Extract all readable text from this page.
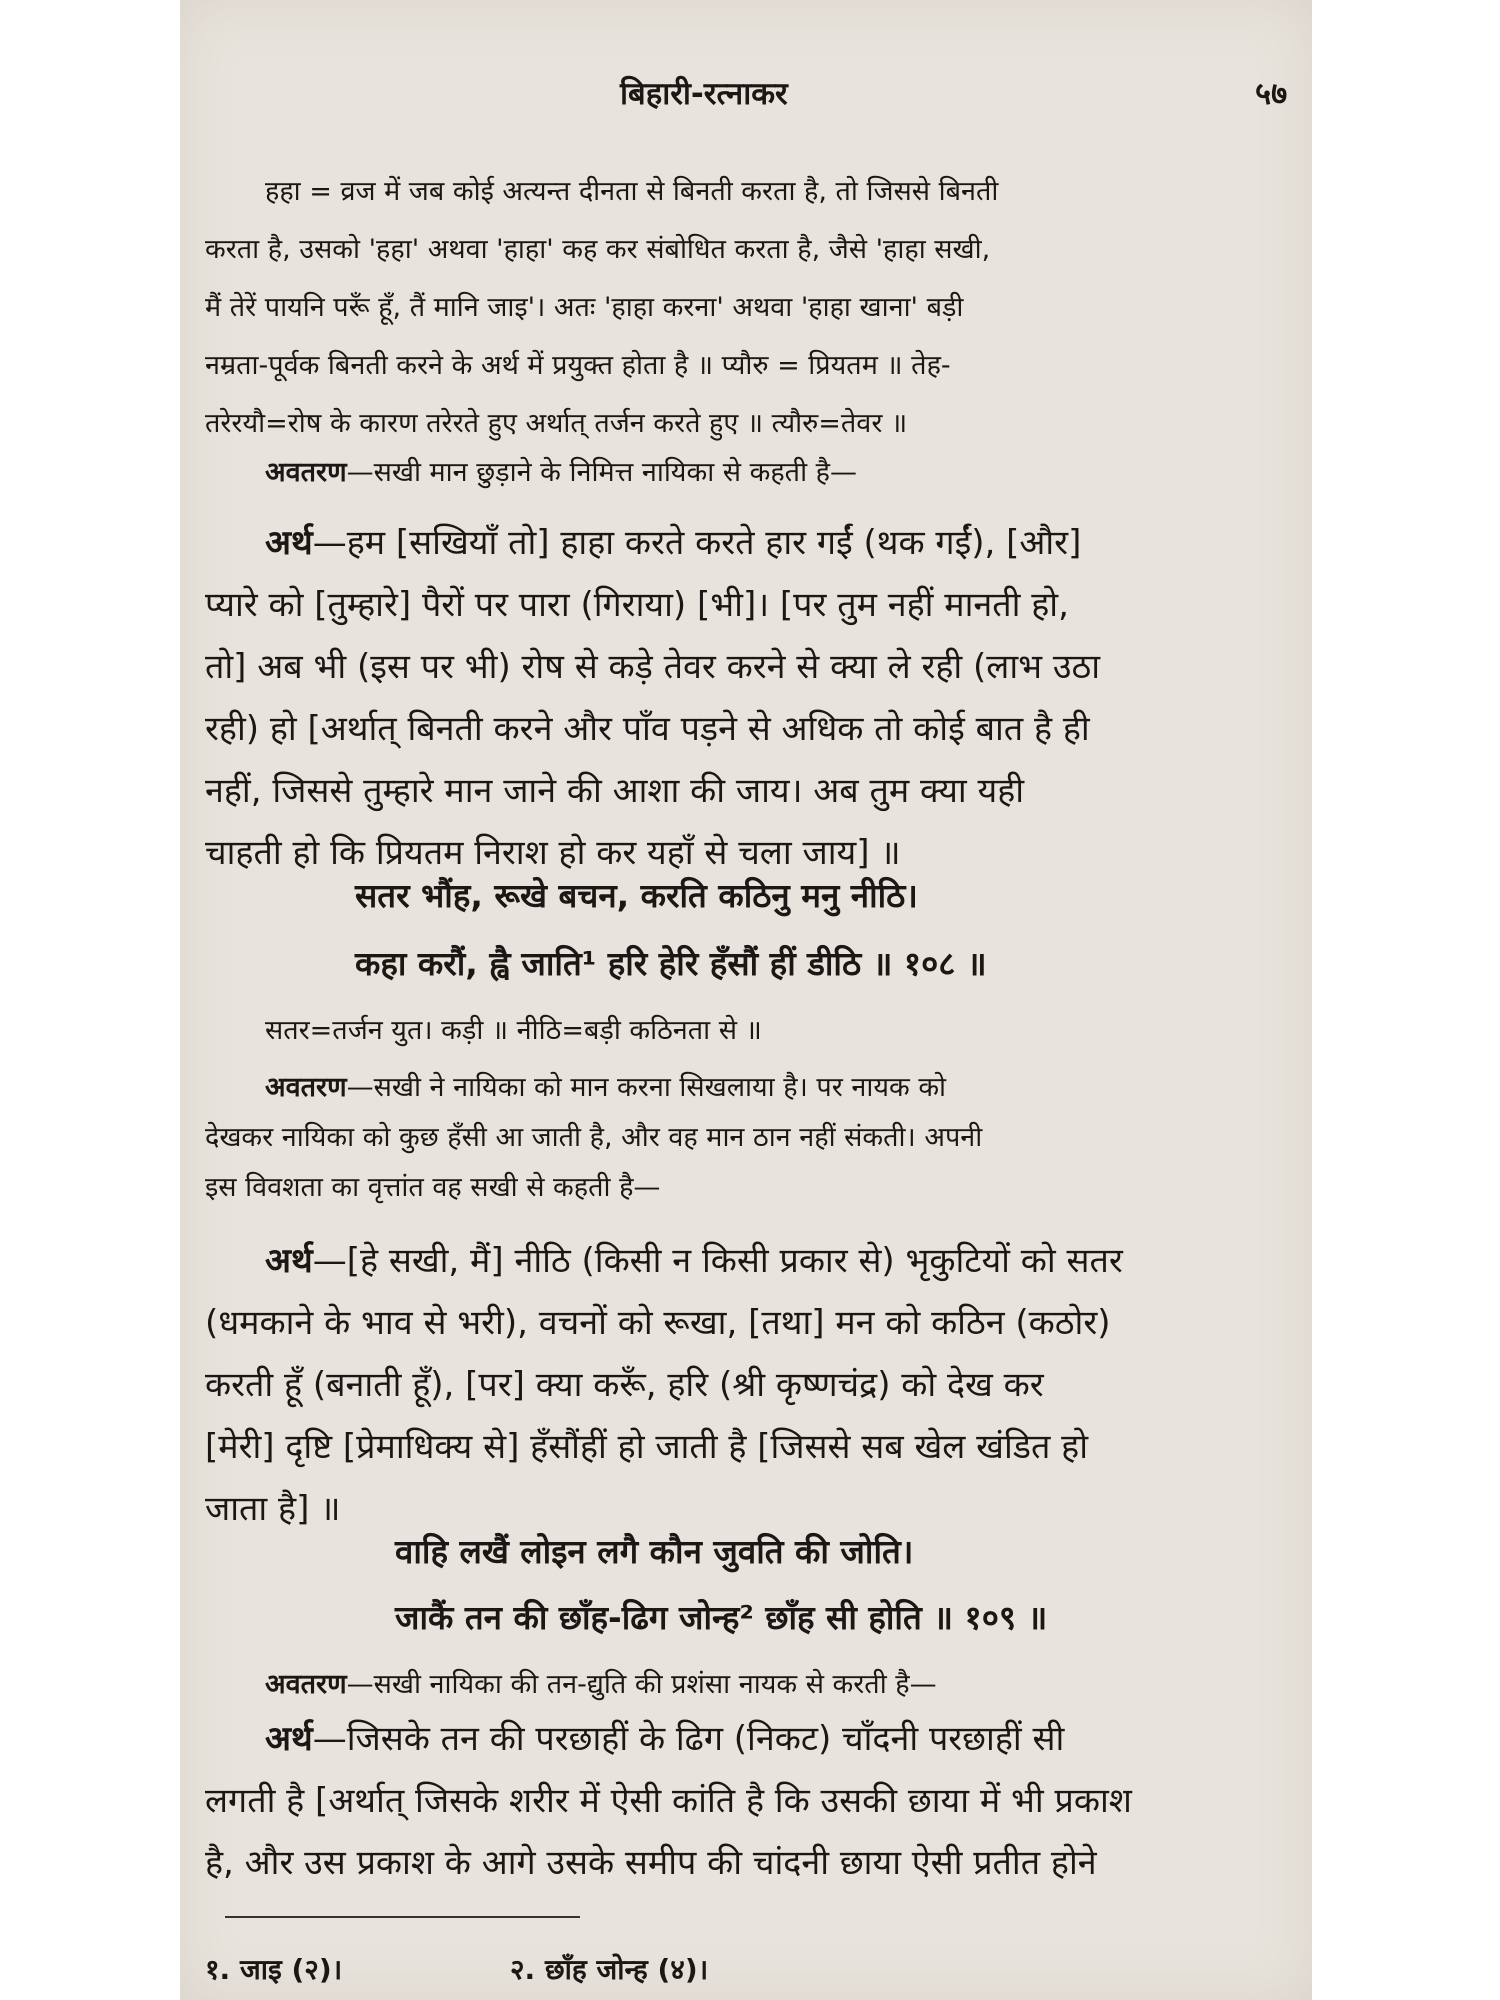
बिहारी-रत्नाकर	५७

हहा = व्रज में जब कोई अत्यन्त दीनता से बिनती करता है, तो जिससे बिनती

करता है, उसको 'हहा' अथवा 'हाहा' कह कर संबोधित करता है, जैसे 'हाहा सखी,

मैं तेरें पायनि परूँ हूँ, तैं मानि जाइ'। अतः 'हाहा करना' अथवा 'हाहा खाना' बड़ी

नम्रता-पूर्वक बिनती करने के अर्थ में प्रयुक्त होता है ॥ प्यौरु = प्रियतम ॥ तेह-

तरेरयौ=रोष के कारण तरेरते हुए अर्थात् तर्जन करते हुए ॥ त्यौरु=तेवर ॥

अवतरण—सखी मान छुड़ाने के निमित्त नायिका से कहती है—

अर्थ—हम [सखियाँ तो] हाहा करते करते हार गईं (थक गईं), [और]

प्यारे को [तुम्हारे] पैरों पर पारा (गिराया) [भी]। [पर तुम नहीं मानती हो,

तो] अब भी (इस पर भी) रोष से कड़े तेवर करने से क्या ले रही (लाभ उठा

रही) हो [अर्थात् बिनती करने और पाँव पड़ने से अधिक तो कोई बात है ही

नहीं, जिससे तुम्हारे मान जाने की आशा की जाय। अब तुम क्या यही

चाहती हो कि प्रियतम निराश हो कर यहाँ से चला जाय] ॥

सतर भौंह, रूखे बचन, करति कठिनु मनु नीठि।
कहा करौं, ह्वै जाति¹ हरि हेरि हँसौं हीं डीठि ॥ १०८ ॥
सतर=तर्जन युत। कड़ी ॥ नीठि=बड़ी कठिनता से ॥

अवतरण—सखी ने नायिका को मान करना सिखलाया है। पर नायक को

देखकर नायिका को कुछ हँसी आ जाती है, और वह मान ठान नहीं संकती। अपनी

इस विवशता का वृत्तांत वह सखी से कहती है—

अर्थ—[हे सखी, मैं] नीठि (किसी न किसी प्रकार से) भृकुटियों को सतर

(धमकाने के भाव से भरी), वचनों को रूखा, [तथा] मन को कठिन (कठोर)

करती हूँ (बनाती हूँ), [पर] क्या करूँ, हरि (श्री कृष्णचंद्र) को देख कर

[मेरी] दृष्टि [प्रेमाधिक्य से] हँसौंहीं हो जाती है [जिससे सब खेल खंडित हो

जाता है] ॥

वाहि लखैं लोइन लगै कौन जुवति की जोति।
जाकैं तन की छाँह-ढिग जोन्ह² छाँह सी होति ॥ १०९ ॥
अवतरण—सखी नायिका की तन-द्युति की प्रशंसा नायक से करती है—

अर्थ—जिसके तन की परछाहीं के ढिग (निकट) चाँदनी परछाहीं सी

लगती है [अर्थात् जिसके शरीर में ऐसी कांति है कि उसकी छाया में भी प्रकाश

है, और उस प्रकाश के आगे उसके समीप की चांदनी छाया ऐसी प्रतीत होने

१. जाइ (२)।	२. छाँह जोन्ह (४)।
